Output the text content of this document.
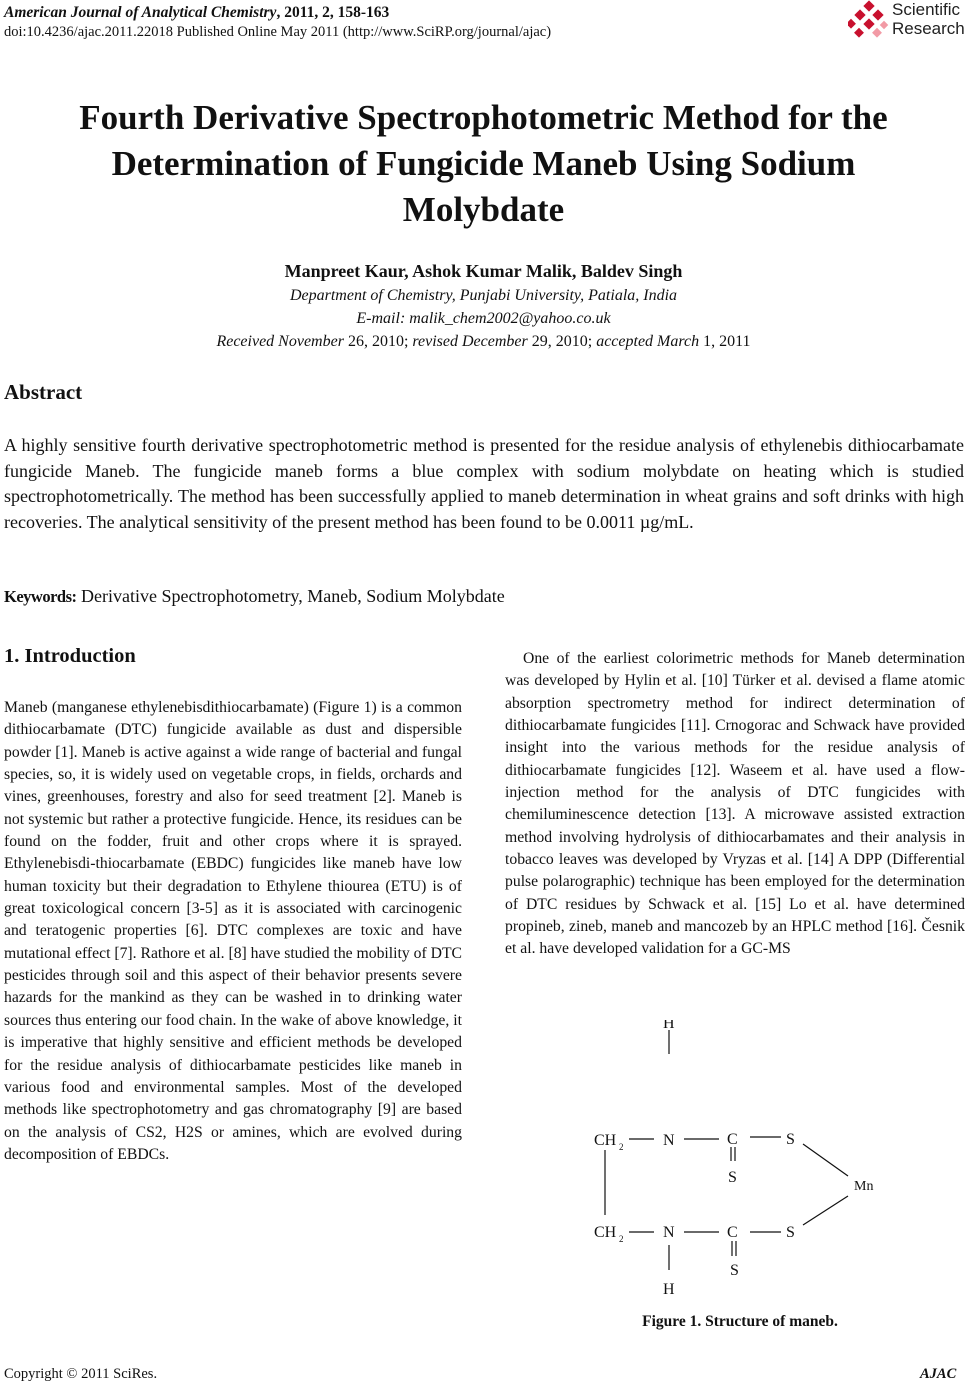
American Journal of Analytical Chemistry, 2011, 2, 158-163
doi:10.4236/ajac.2011.22018 Published Online May 2011 (http://www.SciRP.org/journal/ajac)
Scientific
Research
Fourth Derivative Spectrophotometric Method for the
Determination of Fungicide Maneb Using Sodium
Molybdate
Manpreet Kaur, Ashok Kumar Malik, Baldev Singh
Department of Chemistry, Punjabi University, Patiala, India
E-mail: malik_chem2002@yahoo.co.uk
Received November 26, 2010; revised December 29, 2010; accepted March 1, 2011
Abstract
A highly sensitive fourth derivative spectrophotometric method is presented for the residue analysis of ethylenebis dithiocarbamate fungicide Maneb. The fungicide maneb forms a blue complex with sodium molybdate on heating which is studied spectrophotometrically. The method has been successfully applied to maneb determination in wheat grains and soft drinks with high recoveries. The analytical sensitivity of the present method has been found to be 0.0011 µg/mL.
Keywords: Derivative Spectrophotometry, Maneb, Sodium Molybdate
1. Introduction
Maneb (manganese ethylenebisdithiocarbamate) (Figure 1) is a common dithiocarbamate (DTC) fungicide available as dust and dispersible powder [1]. Maneb is active against a wide range of bacterial and fungal species, so, it is widely used on vegetable crops, in fields, orchards and vines, greenhouses, forestry and also for seed treatment [2]. Maneb is not systemic but rather a protective fungicide. Hence, its residues can be found on the fodder, fruit and other crops where it is sprayed. Ethylenebisdi-thiocarbamate (EBDC) fungicides like maneb have low human toxicity but their degradation to Ethylene thiourea (ETU) is of great toxicological concern [3-5] as it is associated with carcinogenic and teratogenic properties [6]. DTC complexes are toxic and have mutational effect [7]. Rathore et al. [8] have studied the mobility of DTC pesticides through soil and this aspect of their behavior presents severe hazards for the mankind as they can be washed in to drinking water sources thus entering our food chain. In the wake of above knowledge, it is imperative that highly sensitive and efficient methods be developed for the residue analysis of dithiocarbamate pesticides like maneb in various food and environmental samples. Most of the developed methods like spectrophotometry and gas chromatography [9] are based on the analysis of CS2, H2S or amines, which are evolved during decomposition of EBDCs.
One of the earliest colorimetric methods for Maneb determination was developed by Hylin et al. [10] Türker et al. devised a flame atomic absorption spectrometry method for indirect determination of dithiocarbamate fungicides [11]. Crnogorac and Schwack have provided insight into the various methods for the residue analysis of dithiocarbamate fungicides [12]. Waseem et al. have used a flow-injection method for the analysis of DTC fungicides with chemiluminescence detection [13]. A microwave assisted extraction method involving hydrolysis of dithiocarbamates and their analysis in tobacco leaves was developed by Vryzas et al. [14] A DPP (Differential pulse polarographic) technique has been employed for the determination of DTC residues by Schwack et al. [15] Lo et al. have determined propineb, zineb, maneb and mancozeb by an HPLC method [16]. Česnik et al. have developed validation for a GC-MS
H
CH 2 N	C	S
S
Mn
CH 2 N	C	S
S
H
Figure 1. Structure of maneb.
Copyright © 2011 SciRes.	AJAC
